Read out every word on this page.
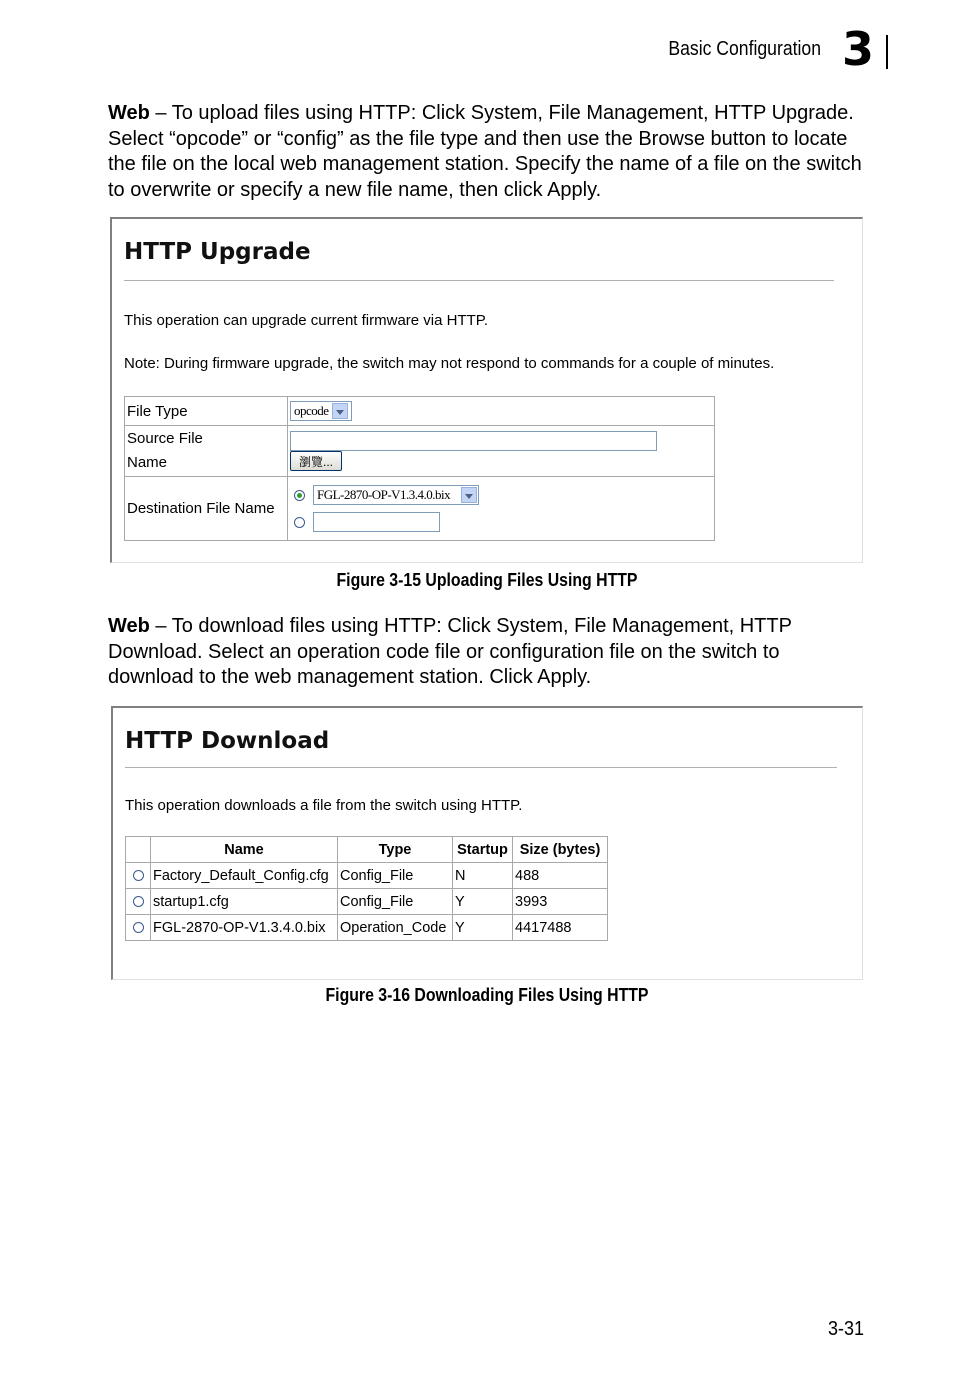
Basic Configuration 3
Web – To upload files using HTTP: Click System, File Management, HTTP Upgrade. Select “opcode” or “config” as the file type and then use the Browse button to locate the file on the local web management station. Specify the name of a file on the switch to overwrite or specify a new file name, then click Apply.
HTTP Upgrade
This operation can upgrade current firmware via HTTP.
Note: During firmware upgrade, the switch may not respond to commands for a couple of minutes.
File Type	opcode

Source File
Name	瀏覽...
Destination File Name	FGL-2870-OP-V1.3.4.0.bix
Figure 3-15 Uploading Files Using HTTP
Web – To download files using HTTP: Click System, File Management, HTTP Download. Select an operation code file or configuration file on the switch to download to the web management station. Click Apply.
HTTP Download
This operation downloads a file from the switch using HTTP.
	Name	Type	Startup	Size (bytes)
	Factory_Default_Config.cfg	Config_File	N	488
	startup1.cfg	Config_File	Y	3993
	FGL-2870-OP-V1.3.4.0.bix	Operation_Code	Y	4417488
Figure 3-16 Downloading Files Using HTTP
3-31
